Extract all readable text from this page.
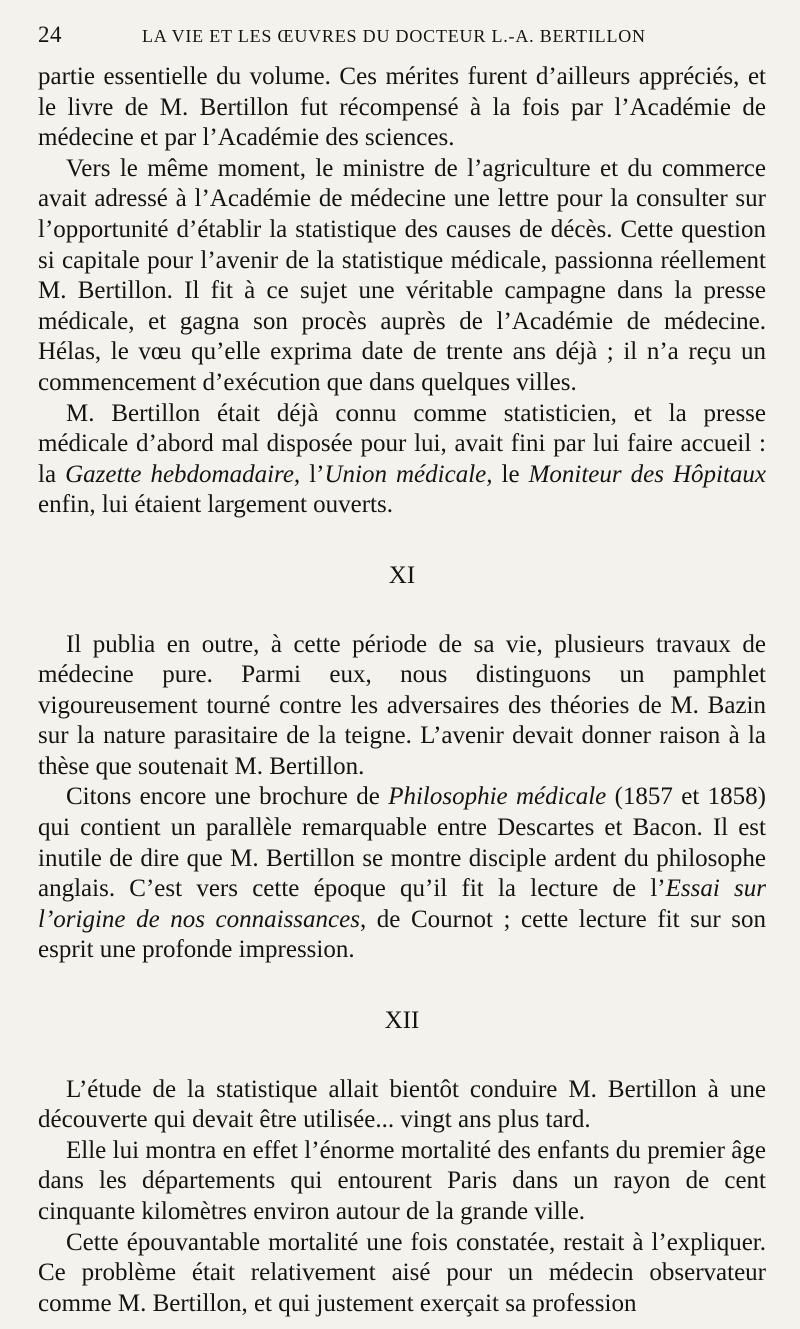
24	LA VIE ET LES ŒUVRES DU DOCTEUR L.-A. BERTILLON

partie essentielle du volume. Ces mérites furent d’ailleurs appréciés, et le livre de M. Bertillon fut récompensé à la fois par l’Académie de médecine et par l’Académie des sciences.

Vers le même moment, le ministre de l’agriculture et du commerce avait adressé à l’Académie de médecine une lettre pour la consulter sur l’opportunité d’établir la statistique des causes de décès. Cette question si capitale pour l’avenir de la statistique médicale, passionna réellement M. Bertillon. Il fit à ce sujet une véritable campagne dans la presse médicale, et gagna son procès auprès de l’Académie de médecine. Hélas, le vœu qu’elle exprima date de trente ans déjà ; il n’a reçu un commencement d’exécution que dans quelques villes.

M. Bertillon était déjà connu comme statisticien, et la presse médicale d’abord mal disposée pour lui, avait fini par lui faire accueil : la Gazette hebdomadaire, l’Union médicale, le Moniteur des Hôpitaux enfin, lui étaient largement ouverts.

XI

Il publia en outre, à cette période de sa vie, plusieurs travaux de médecine pure. Parmi eux, nous distinguons un pamphlet vigoureusement tourné contre les adversaires des théories de M. Bazin sur la nature parasitaire de la teigne. L’avenir devait donner raison à la thèse que soutenait M. Bertillon.

Citons encore une brochure de Philosophie médicale (1857 et 1858) qui contient un parallèle remarquable entre Descartes et Bacon. Il est inutile de dire que M. Bertillon se montre disciple ardent du philosophe anglais. C’est vers cette époque qu’il fit la lecture de l’Essai sur l’origine de nos connaissances, de Cournot ; cette lecture fit sur son esprit une profonde impression.

XII

L’étude de la statistique allait bientôt conduire M. Bertillon à une découverte qui devait être utilisée... vingt ans plus tard.

Elle lui montra en effet l’énorme mortalité des enfants du premier âge dans les départements qui entourent Paris dans un rayon de cent cinquante kilomètres environ autour de la grande ville.

Cette épouvantable mortalité une fois constatée, restait à l’expliquer. Ce problème était relativement aisé pour un médecin observateur comme M. Bertillon, et qui justement exerçait sa profession
